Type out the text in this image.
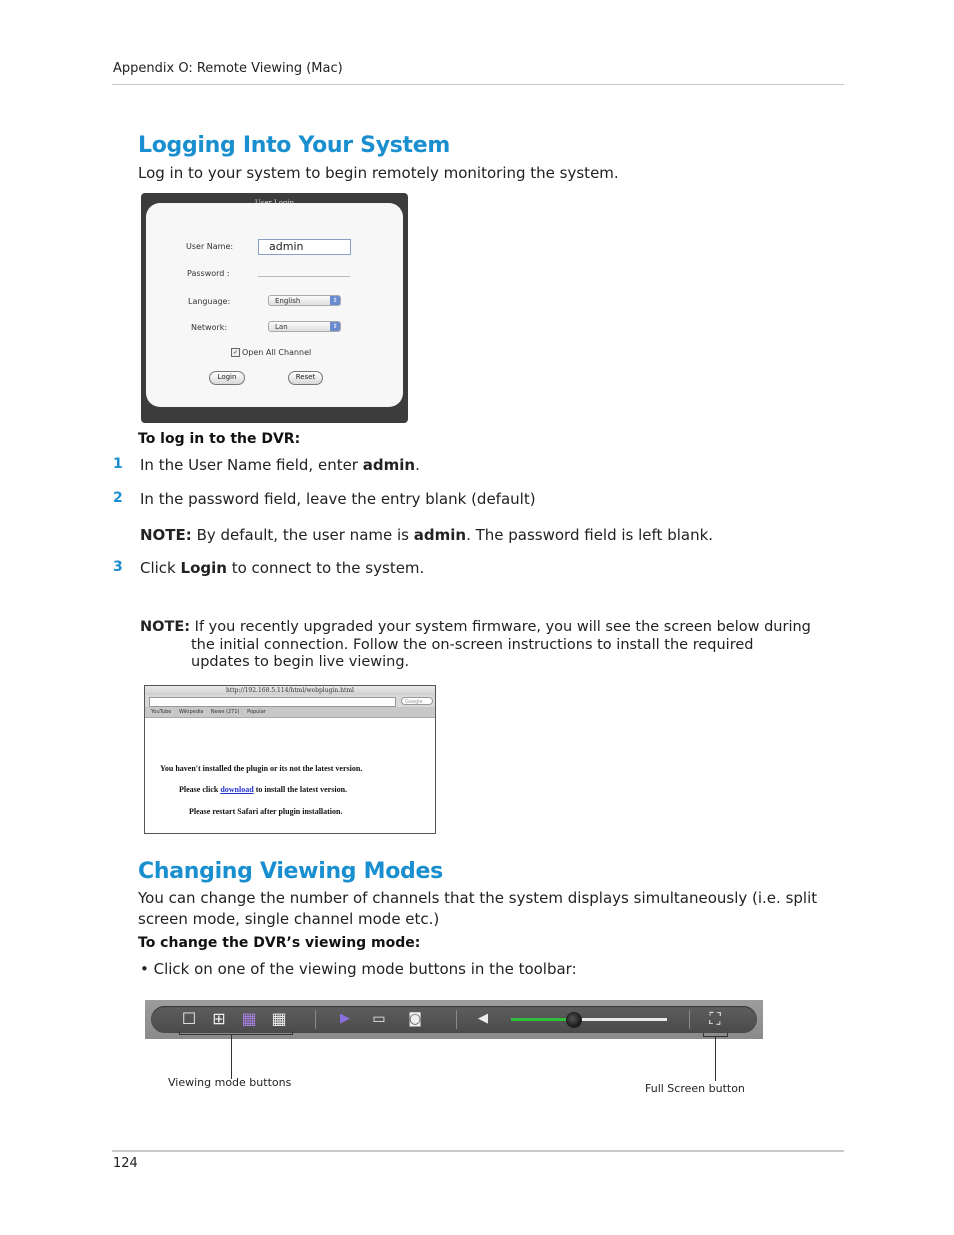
Appendix O: Remote Viewing (Mac)
Logging Into Your System
Log in to your system to begin remotely monitoring the system.
User Name:	admin
Password :
Language:	English	⇕
Network:	Lan	⇕
✓ Open All Channel
Login	Reset
To log in to the DVR:
1 In the User Name field, enter admin.
2 In the password field, leave the entry blank (default)
NOTE: By default, the user name is admin. The password field is left blank.
3 Click Login to connect to the system.
NOTE: If you recently upgraded your system firmware, you will see the screen below during
the initial connection. Follow the on-screen instructions to install the required
updates to begin live viewing.
http://192.168.5.114/html/webplugin.html
Google
YouTube Wikipedia News (271) Popular
You haven't installed the plugin or its not the latest version.
Please click download to install the latest version.
Please restart Safari after plugin installation.
Changing Viewing Modes
You can change the number of channels that the system displays simultaneously (i.e. split
screen mode, single channel mode etc.)
To change the DVR’s viewing mode:
• Click on one of the viewing mode buttons in the toolbar:
☐ ⊞ ▦ ▦	▶ ▭ ◙	◀	⛶
Viewing mode buttons	Full Screen button
124
